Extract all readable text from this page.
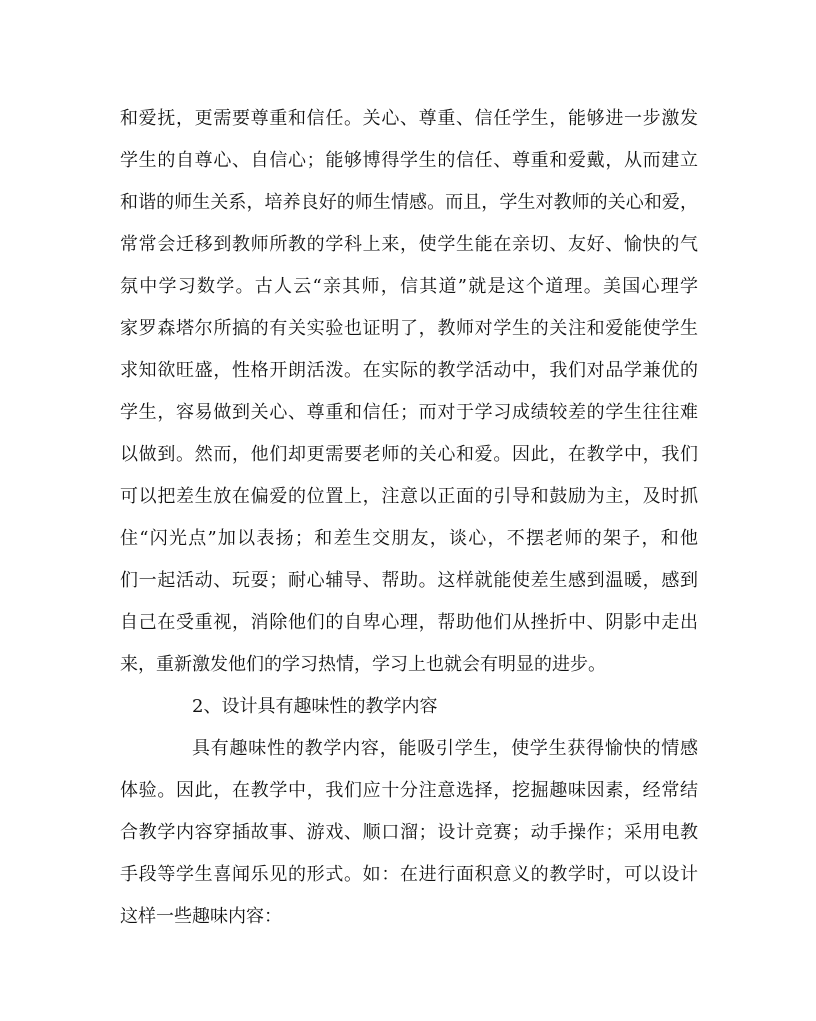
和爱抚，更需要尊重和信任。关心、尊重、信任学生，能够进一步激发
学生的自尊心、自信心；能够博得学生的信任、尊重和爱戴，从而建立
和谐的师生关系，培养良好的师生情感。而且，学生对教师的关心和爱，
常常会迁移到教师所教的学科上来，使学生能在亲切、友好、愉快的气
氛中学习数学。古人云“亲其师，信其道”就是这个道理。美国心理学
家罗森塔尔所搞的有关实验也证明了，教师对学生的关注和爱能使学生
求知欲旺盛，性格开朗活泼。在实际的教学活动中，我们对品学兼优的
学生，容易做到关心、尊重和信任；而对于学习成绩较差的学生往往难
以做到。然而，他们却更需要老师的关心和爱。因此，在教学中，我们
可以把差生放在偏爱的位置上，注意以正面的引导和鼓励为主，及时抓
住“闪光点”加以表扬；和差生交朋友，谈心，不摆老师的架子，和他
们一起活动、玩耍；耐心辅导、帮助。这样就能使差生感到温暖，感到
自己在受重视，消除他们的自卑心理，帮助他们从挫折中、阴影中走出
来，重新激发他们的学习热情，学习上也就会有明显的进步。
2、设计具有趣味性的教学内容
具有趣味性的教学内容，能吸引学生，使学生获得愉快的情感
体验。因此，在教学中，我们应十分注意选择，挖掘趣味因素，经常结
合教学内容穿插故事、游戏、顺口溜；设计竞赛；动手操作；采用电教
手段等学生喜闻乐见的形式。如：在进行面积意义的教学时，可以设计
这样一些趣味内容：
